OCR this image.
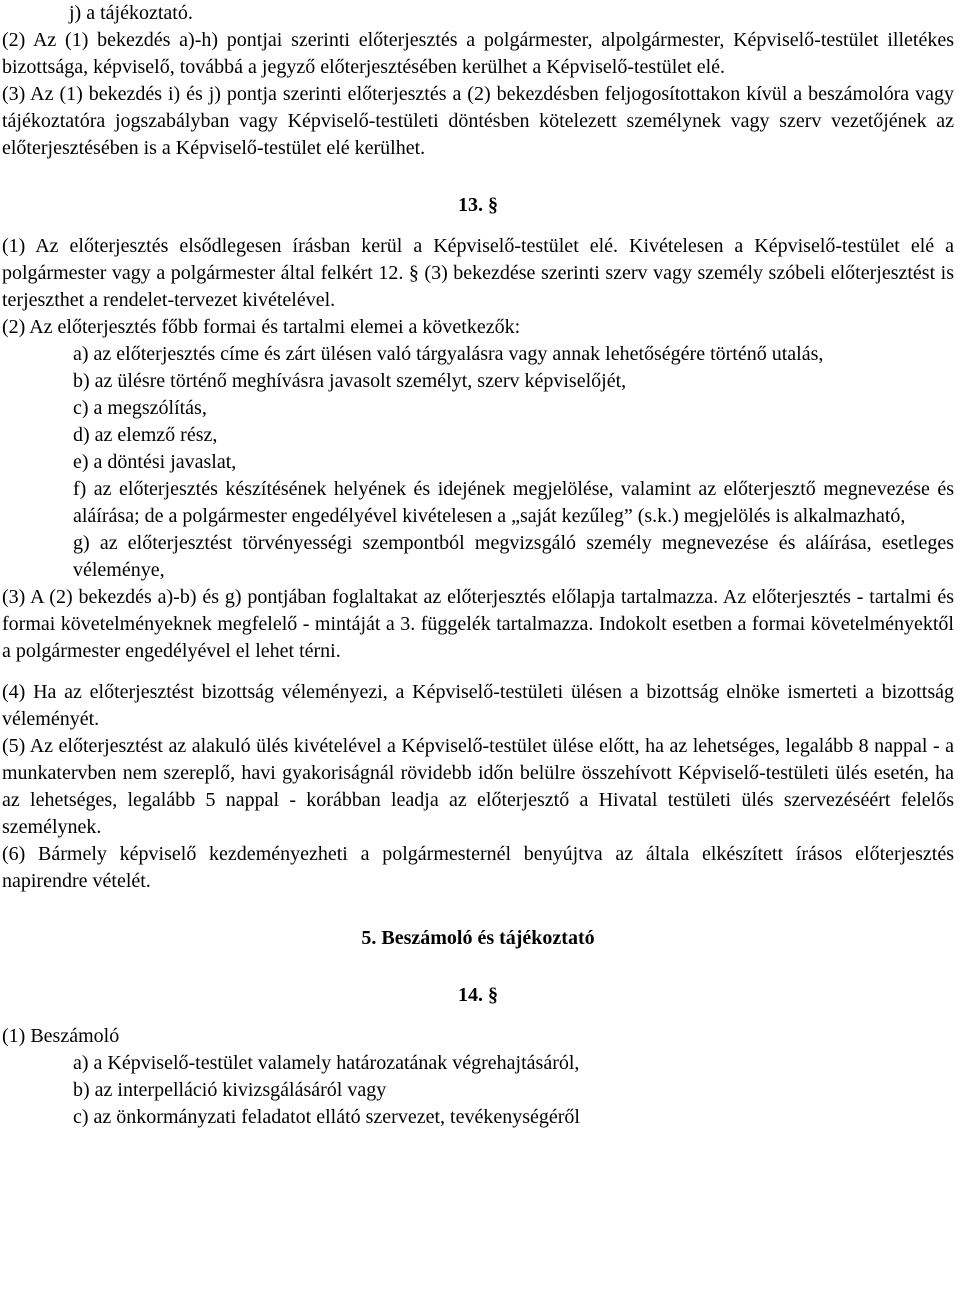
j) a tájékoztató.

(2) Az (1) bekezdés a)-h) pontjai szerinti előterjesztés a polgármester, alpolgármester, Képviselő-testület illetékes bizottsága, képviselő, továbbá a jegyző előterjesztésében kerülhet a Képviselő-testület elé.

(3) Az (1) bekezdés i) és j) pontja szerinti előterjesztés a (2) bekezdésben feljogosítottakon kívül a beszámolóra vagy tájékoztatóra jogszabályban vagy Képviselő-testületi döntésben kötelezett személynek vagy szerv vezetőjének az előterjesztésében is a Képviselő-testület elé kerülhet.

13. §

(1) Az előterjesztés elsődlegesen írásban kerül a Képviselő-testület elé. Kivételesen a Képviselő-testület elé a polgármester vagy a polgármester által felkért 12. § (3) bekezdése szerinti szerv vagy személy szóbeli előterjesztést is terjeszthet a rendelet-tervezet kivételével.

(2) Az előterjesztés főbb formai és tartalmi elemei a következők:

a) az előterjesztés címe és zárt ülésen való tárgyalásra vagy annak lehetőségére történő utalás,

b) az ülésre történő meghívásra javasolt személyt, szerv képviselőjét,

c) a megszólítás,

d) az elemző rész,

e) a döntési javaslat,

f) az előterjesztés készítésének helyének és idejének megjelölése, valamint az előterjesztő megnevezése és aláírása; de a polgármester engedélyével kivételesen a „saját kezűleg” (s.k.) megjelölés is alkalmazható,

g) az előterjesztést törvényességi szempontból megvizsgáló személy megnevezése és aláírása, esetleges véleménye,

(3) A (2) bekezdés a)-b) és g) pontjában foglaltakat az előterjesztés előlapja tartalmazza. Az előterjesztés - tartalmi és formai követelményeknek megfelelő - mintáját a 3. függelék tartalmazza. Indokolt esetben a formai követelményektől a polgármester engedélyével el lehet térni.

(4) Ha az előterjesztést bizottság véleményezi, a Képviselő-testületi ülésen a bizottság elnöke ismerteti a bizottság véleményét.

(5) Az előterjesztést az alakuló ülés kivételével a Képviselő-testület ülése előtt, ha az lehetséges, legalább 8 nappal - a munkatervben nem szereplő, havi gyakoriságnál rövidebb időn belülre összehívott Képviselő-testületi ülés esetén, ha az lehetséges, legalább 5 nappal - korábban leadja az előterjesztő a Hivatal testületi ülés szervezéséért felelős személynek.

(6) Bármely képviselő kezdeményezheti a polgármesternél benyújtva az általa elkészített írásos előterjesztés napirendre vételét.

5. Beszámoló és tájékoztató

14. §

(1) Beszámoló

a) a Képviselő-testület valamely határozatának végrehajtásáról,

b) az interpelláció kivizsgálásáról vagy

c) az önkormányzati feladatot ellátó szervezet, tevékenységéről
